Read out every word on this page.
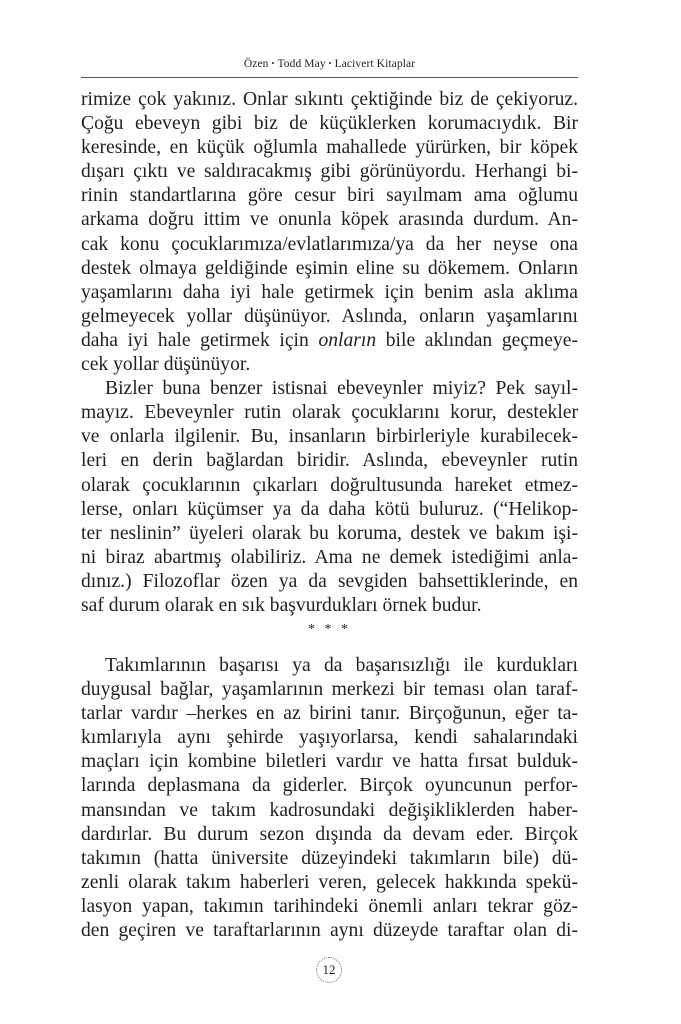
Özen • Todd May • Lacivert Kitaplar
rimize çok yakınız. Onlar sıkıntı çektiğinde biz de çekiyoruz.
Çoğu ebeveyn gibi biz de küçüklerken korumacıydık. Bir
keresinde, en küçük oğlumla mahallede yürürken, bir köpek
dışarı çıktı ve saldıracakmış gibi görünüyordu. Herhangi bi-
rinin standartlarına göre cesur biri sayılmam ama oğlumu
arkama doğru ittim ve onunla köpek arasında durdum. An-
cak konu çocuklarımıza/evlatlarımıza/ya da her neyse ona
destek olmaya geldiğinde eşimin eline su dökemem. Onların
yaşamlarını daha iyi hale getirmek için benim asla aklıma
gelmeyecek yollar düşünüyor. Aslında, onların yaşamlarını
daha iyi hale getirmek için onların bile aklından geçmeye-
cek yollar düşünüyor.
Bizler buna benzer istisnai ebeveynler miyiz? Pek sayıl-
mayız. Ebeveynler rutin olarak çocuklarını korur, destekler
ve onlarla ilgilenir. Bu, insanların birbirleriyle kurabilecek-
leri en derin bağlardan biridir. Aslında, ebeveynler rutin
olarak çocuklarının çıkarları doğrultusunda hareket etmez-
lerse, onları küçümser ya da daha kötü buluruz. (“Helikop-
ter neslinin” üyeleri olarak bu koruma, destek ve bakım işi-
ni biraz abartmış olabiliriz. Ama ne demek istediğimi anla-
dınız.) Filozoflar özen ya da sevgiden bahsettiklerinde, en
saf durum olarak en sık başvurdukları örnek budur.
* * *
Takımlarının başarısı ya da başarısızlığı ile kurdukları
duygusal bağlar, yaşamlarının merkezi bir teması olan taraf-
tarlar vardır –herkes en az birini tanır. Birçoğunun, eğer ta-
kımlarıyla aynı şehirde yaşıyorlarsa, kendi sahalarındaki
maçları için kombine biletleri vardır ve hatta fırsat bulduk-
larında deplasmana da giderler. Birçok oyuncunun perfor-
mansından ve takım kadrosundaki değişikliklerden haber-
dardırlar. Bu durum sezon dışında da devam eder. Birçok
takımın (hatta üniversite düzeyindeki takımların bile) dü-
zenli olarak takım haberleri veren, gelecek hakkında spekü-
lasyon yapan, takımın tarihindeki önemli anları tekrar göz-
den geçiren ve taraftarlarının aynı düzeyde taraftar olan di-
12
